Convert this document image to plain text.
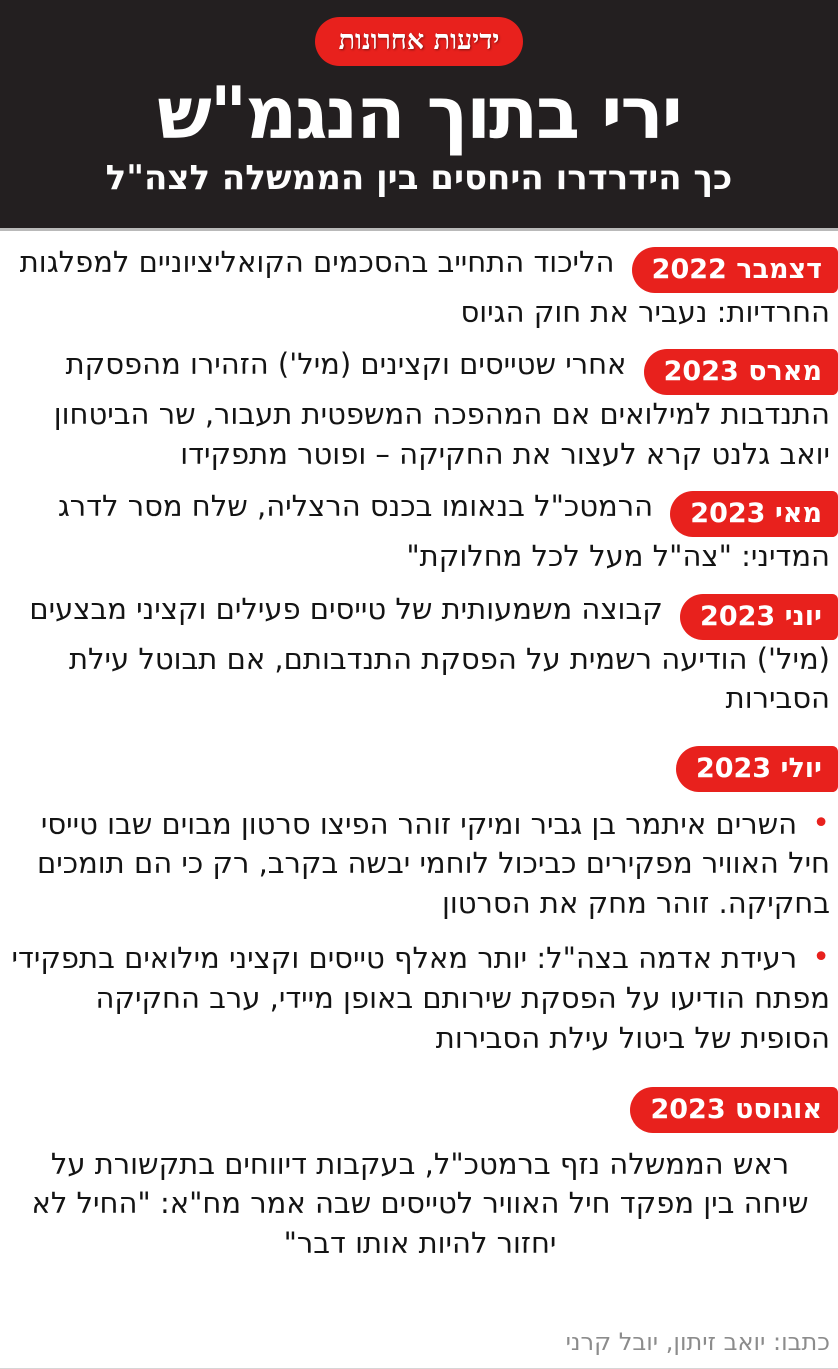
ידיעות אחרונות
ירי בתוך הנגמ"ש

כך הידרדרו היחסים בין הממשלה לצה"ל

דצמבר 2022 הליכוד התחייב בהסכמים הקואליציוניים למפלגות החרדיות: נעביר את חוק הגיוס

מארס 2023 אחרי שטייסים וקצינים (מיל') הזהירו מהפסקת התנדבות למילואים אם המהפכה המשפטית תעבור, שר הביטחון יואב גלנט קרא לעצור את החקיקה – ופוטר מתפקידו

מאי 2023 הרמטכ"ל בנאומו בכנס הרצליה, שלח מסר לדרג המדיני: "צה"ל מעל לכל מחלוקת"

יוני 2023 קבוצה משמעותית של טייסים פעילים וקציני מבצעים (מיל') הודיעה רשמית על הפסקת התנדבותם, אם תבוטל עילת הסבירות

יולי 2023

• השרים איתמר בן גביר ומיקי זוהר הפיצו סרטון מבוים שבו טייסי חיל האוויר מפקירים כביכול לוחמי יבשה בקרב, רק כי הם תומכים בחקיקה. זוהר מחק את הסרטון

• רעידת אדמה בצה"ל: יותר מאלף טייסים וקציני מילואים בתפקידי מפתח הודיעו על הפסקת שירותם באופן מיידי, ערב החקיקה הסופית של ביטול עילת הסבירות

אוגוסט 2023

ראש הממשלה נזף ברמטכ"ל, בעקבות דיווחים בתקשורת על שיחה בין מפקד חיל האוויר לטייסים שבה אמר מח"א: "החיל לא יחזור להיות אותו דבר"

כתבו: יואב זיתון, יובל קרני
